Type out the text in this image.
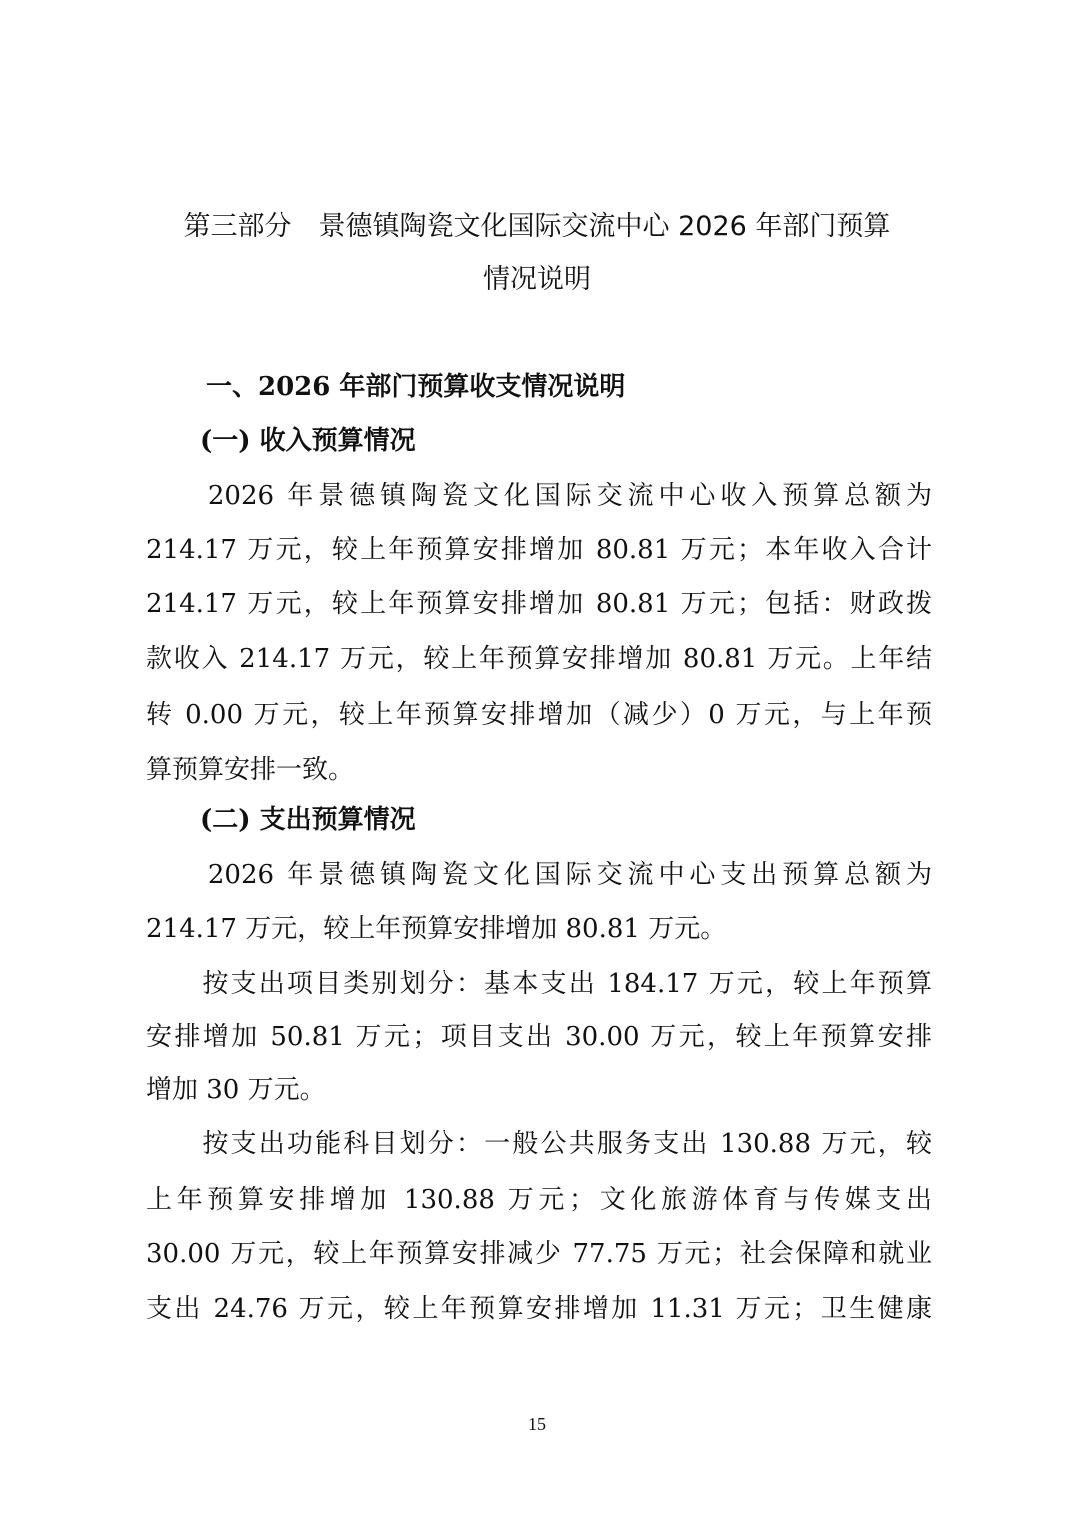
第三部分　景德镇陶瓷文化国际交流中心 2026 年部门预算
情况说明
一、2026 年部门预算收支情况说明
(一) 收入预算情况
　　2026 年景德镇陶瓷文化国际交流中心收入预算总额为
214.17 万元，较上年预算安排增加 80.81 万元；本年收入合计
214.17 万元，较上年预算安排增加 80.81 万元；包括：财政拨
款收入 214.17 万元，较上年预算安排增加 80.81 万元。上年结
转 0.00 万元，较上年预算安排增加（减少）0 万元，与上年预
算预算安排一致。
(二) 支出预算情况
　　2026 年景德镇陶瓷文化国际交流中心支出预算总额为
214.17 万元，较上年预算安排增加 80.81 万元。
　　按支出项目类别划分：基本支出 184.17 万元，较上年预算
安排增加 50.81 万元；项目支出 30.00 万元，较上年预算安排
增加 30 万元。
　　按支出功能科目划分：一般公共服务支出 130.88 万元，较
上年预算安排增加 130.88 万元；文化旅游体育与传媒支出
30.00 万元，较上年预算安排减少 77.75 万元；社会保障和就业
支出 24.76 万元，较上年预算安排增加 11.31 万元；卫生健康
15
